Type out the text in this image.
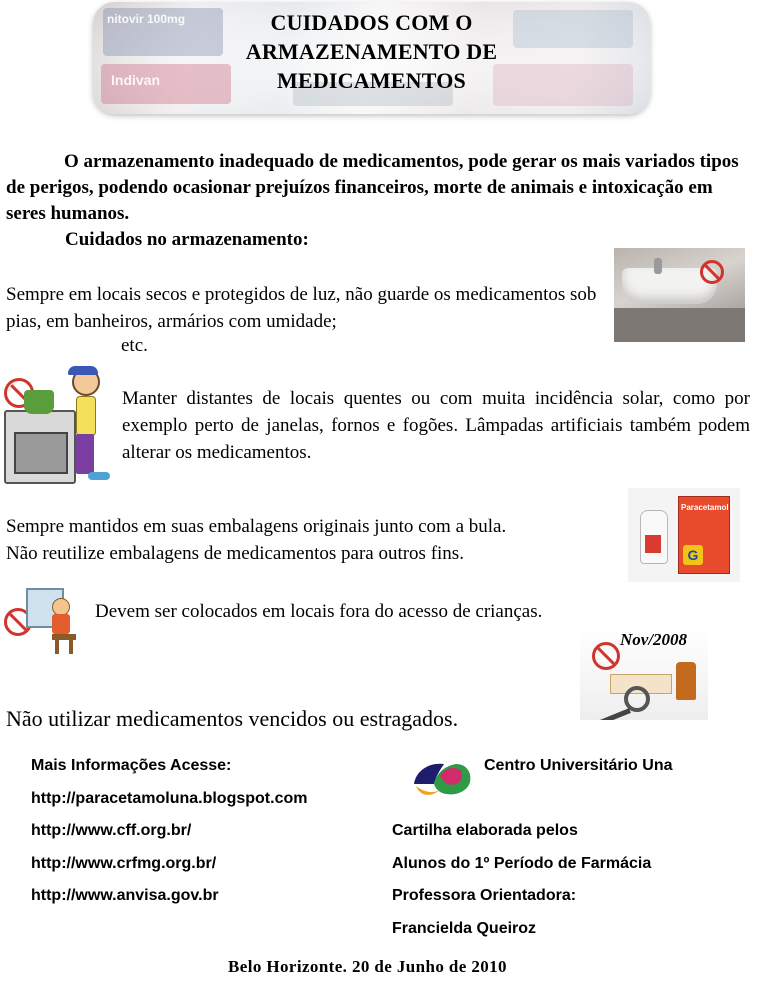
nitovir 100mg
Indivan
CUIDADOS COM O
ARMAZENAMENTO DE
MEDICAMENTOS
O armazenamento inadequado de medicamentos, pode gerar os mais variados tipos de perigos, podendo ocasionar prejuízos financeiros, morte de animais e intoxicação em seres humanos.
Cuidados no armazenamento:
Sempre em locais secos e protegidos de luz, não guarde os medicamentos sob pias, em banheiros, armários com umidade;
etc.
Manter distantes de locais quentes ou com muita incidência solar, como por exemplo perto de janelas, fornos e fogões. Lâmpadas artificiais também podem alterar os medicamentos.
Sempre mantidos em suas embalagens originais junto com a bula.
Não reutilize embalagens de medicamentos para outros fins.
Paracetamol
G
Devem ser colocados em locais fora do acesso de crianças.
Nov/2008
Não utilizar medicamentos vencidos ou estragados.
Mais Informações Acesse:
http://paracetamoluna.blogspot.com
http://www.cff.org.br/
http://www.crfmg.org.br/
http://www.anvisa.gov.br
Centro Universitário Una
Cartilha elaborada pelos
Alunos do 1º Período de Farmácia
Professora Orientadora:
Francielda Queiroz
Belo Horizonte. 20 de Junho de 2010
